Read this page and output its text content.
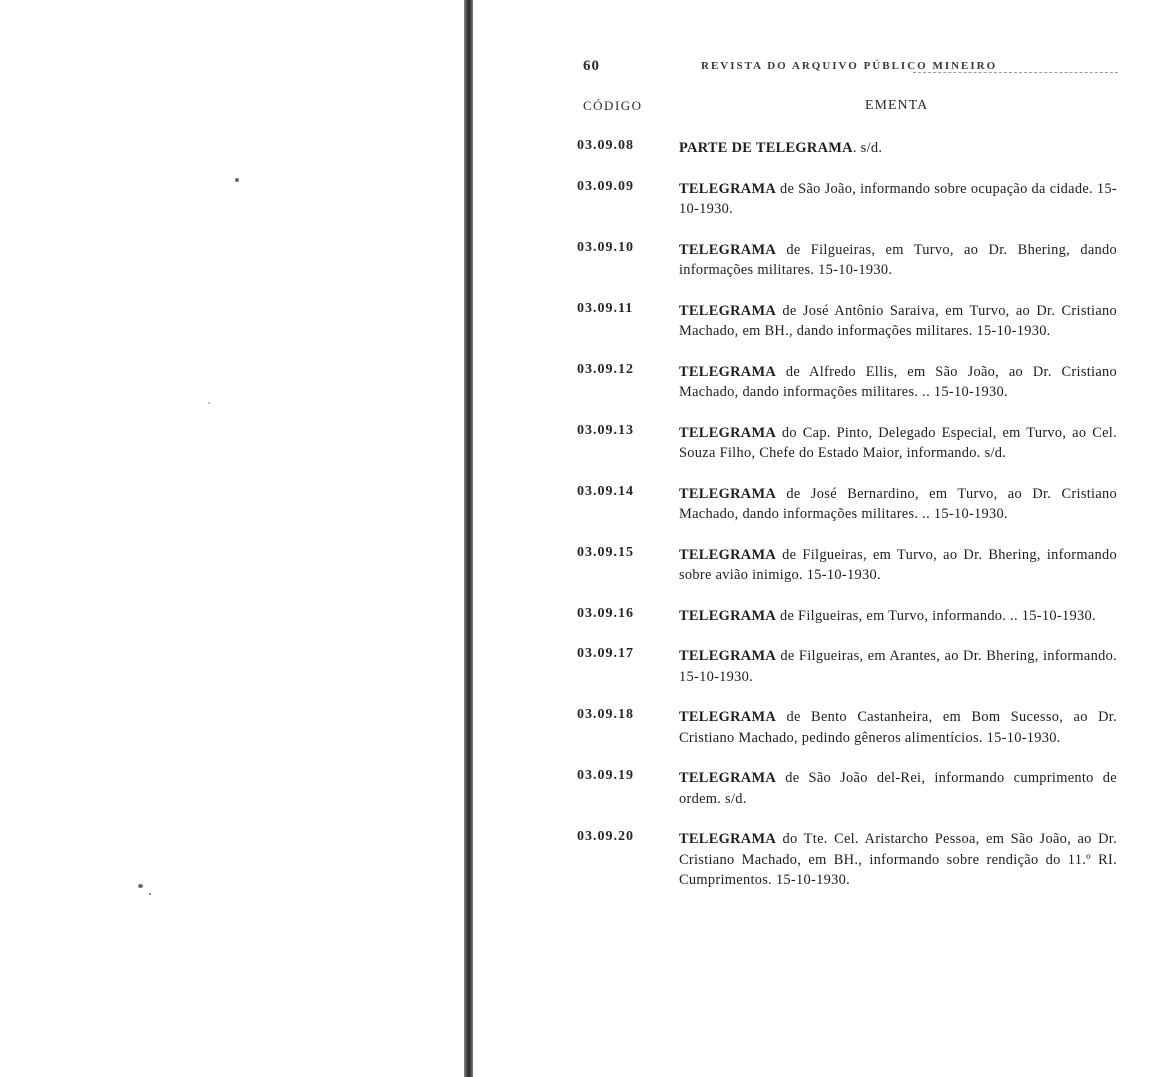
60	REVISTA DO ARQUIVO PÚBLICO MINEIRO
CÓDIGO	EMENTA
03.09.08	PARTE DE TELEGRAMA. s/d.
03.09.09	TELEGRAMA de São João, informando sobre ocupação da cidade. 15-10-1930.
03.09.10	TELEGRAMA de Filgueiras, em Turvo, ao Dr. Bhering, dando informações militares. 15-10-1930.
03.09.11	TELEGRAMA de José Antônio Saraiva, em Turvo, ao Dr. Cristiano Machado, em BH., dando informações militares. 15-10-1930.
03.09.12	TELEGRAMA de Alfredo Ellis, em São João, ao Dr. Cristiano Machado, dando informações militares. .. 15-10-1930.
03.09.13	TELEGRAMA do Cap. Pinto, Delegado Especial, em Turvo, ao Cel. Souza Filho, Chefe do Estado Maior, informando. s/d.
03.09.14	TELEGRAMA de José Bernardino, em Turvo, ao Dr. Cristiano Machado, dando informações militares. .. 15-10-1930.
03.09.15	TELEGRAMA de Filgueiras, em Turvo, ao Dr. Bhering, informando sobre avião inimigo. 15-10-1930.
03.09.16	TELEGRAMA de Filgueiras, em Turvo, informando. .. 15-10-1930.
03.09.17	TELEGRAMA de Filgueiras, em Arantes, ao Dr. Bhering, informando. 15-10-1930.
03.09.18	TELEGRAMA de Bento Castanheira, em Bom Sucesso, ao Dr. Cristiano Machado, pedindo gêneros alimentícios. 15-10-1930.
03.09.19	TELEGRAMA de São João del-Rei, informando cumprimento de ordem. s/d.
03.09.20	TELEGRAMA do Tte. Cel. Aristarcho Pessoa, em São João, ao Dr. Cristiano Machado, em BH., informando sobre rendição do 11.º RI. Cumprimentos. 15-10-1930.
